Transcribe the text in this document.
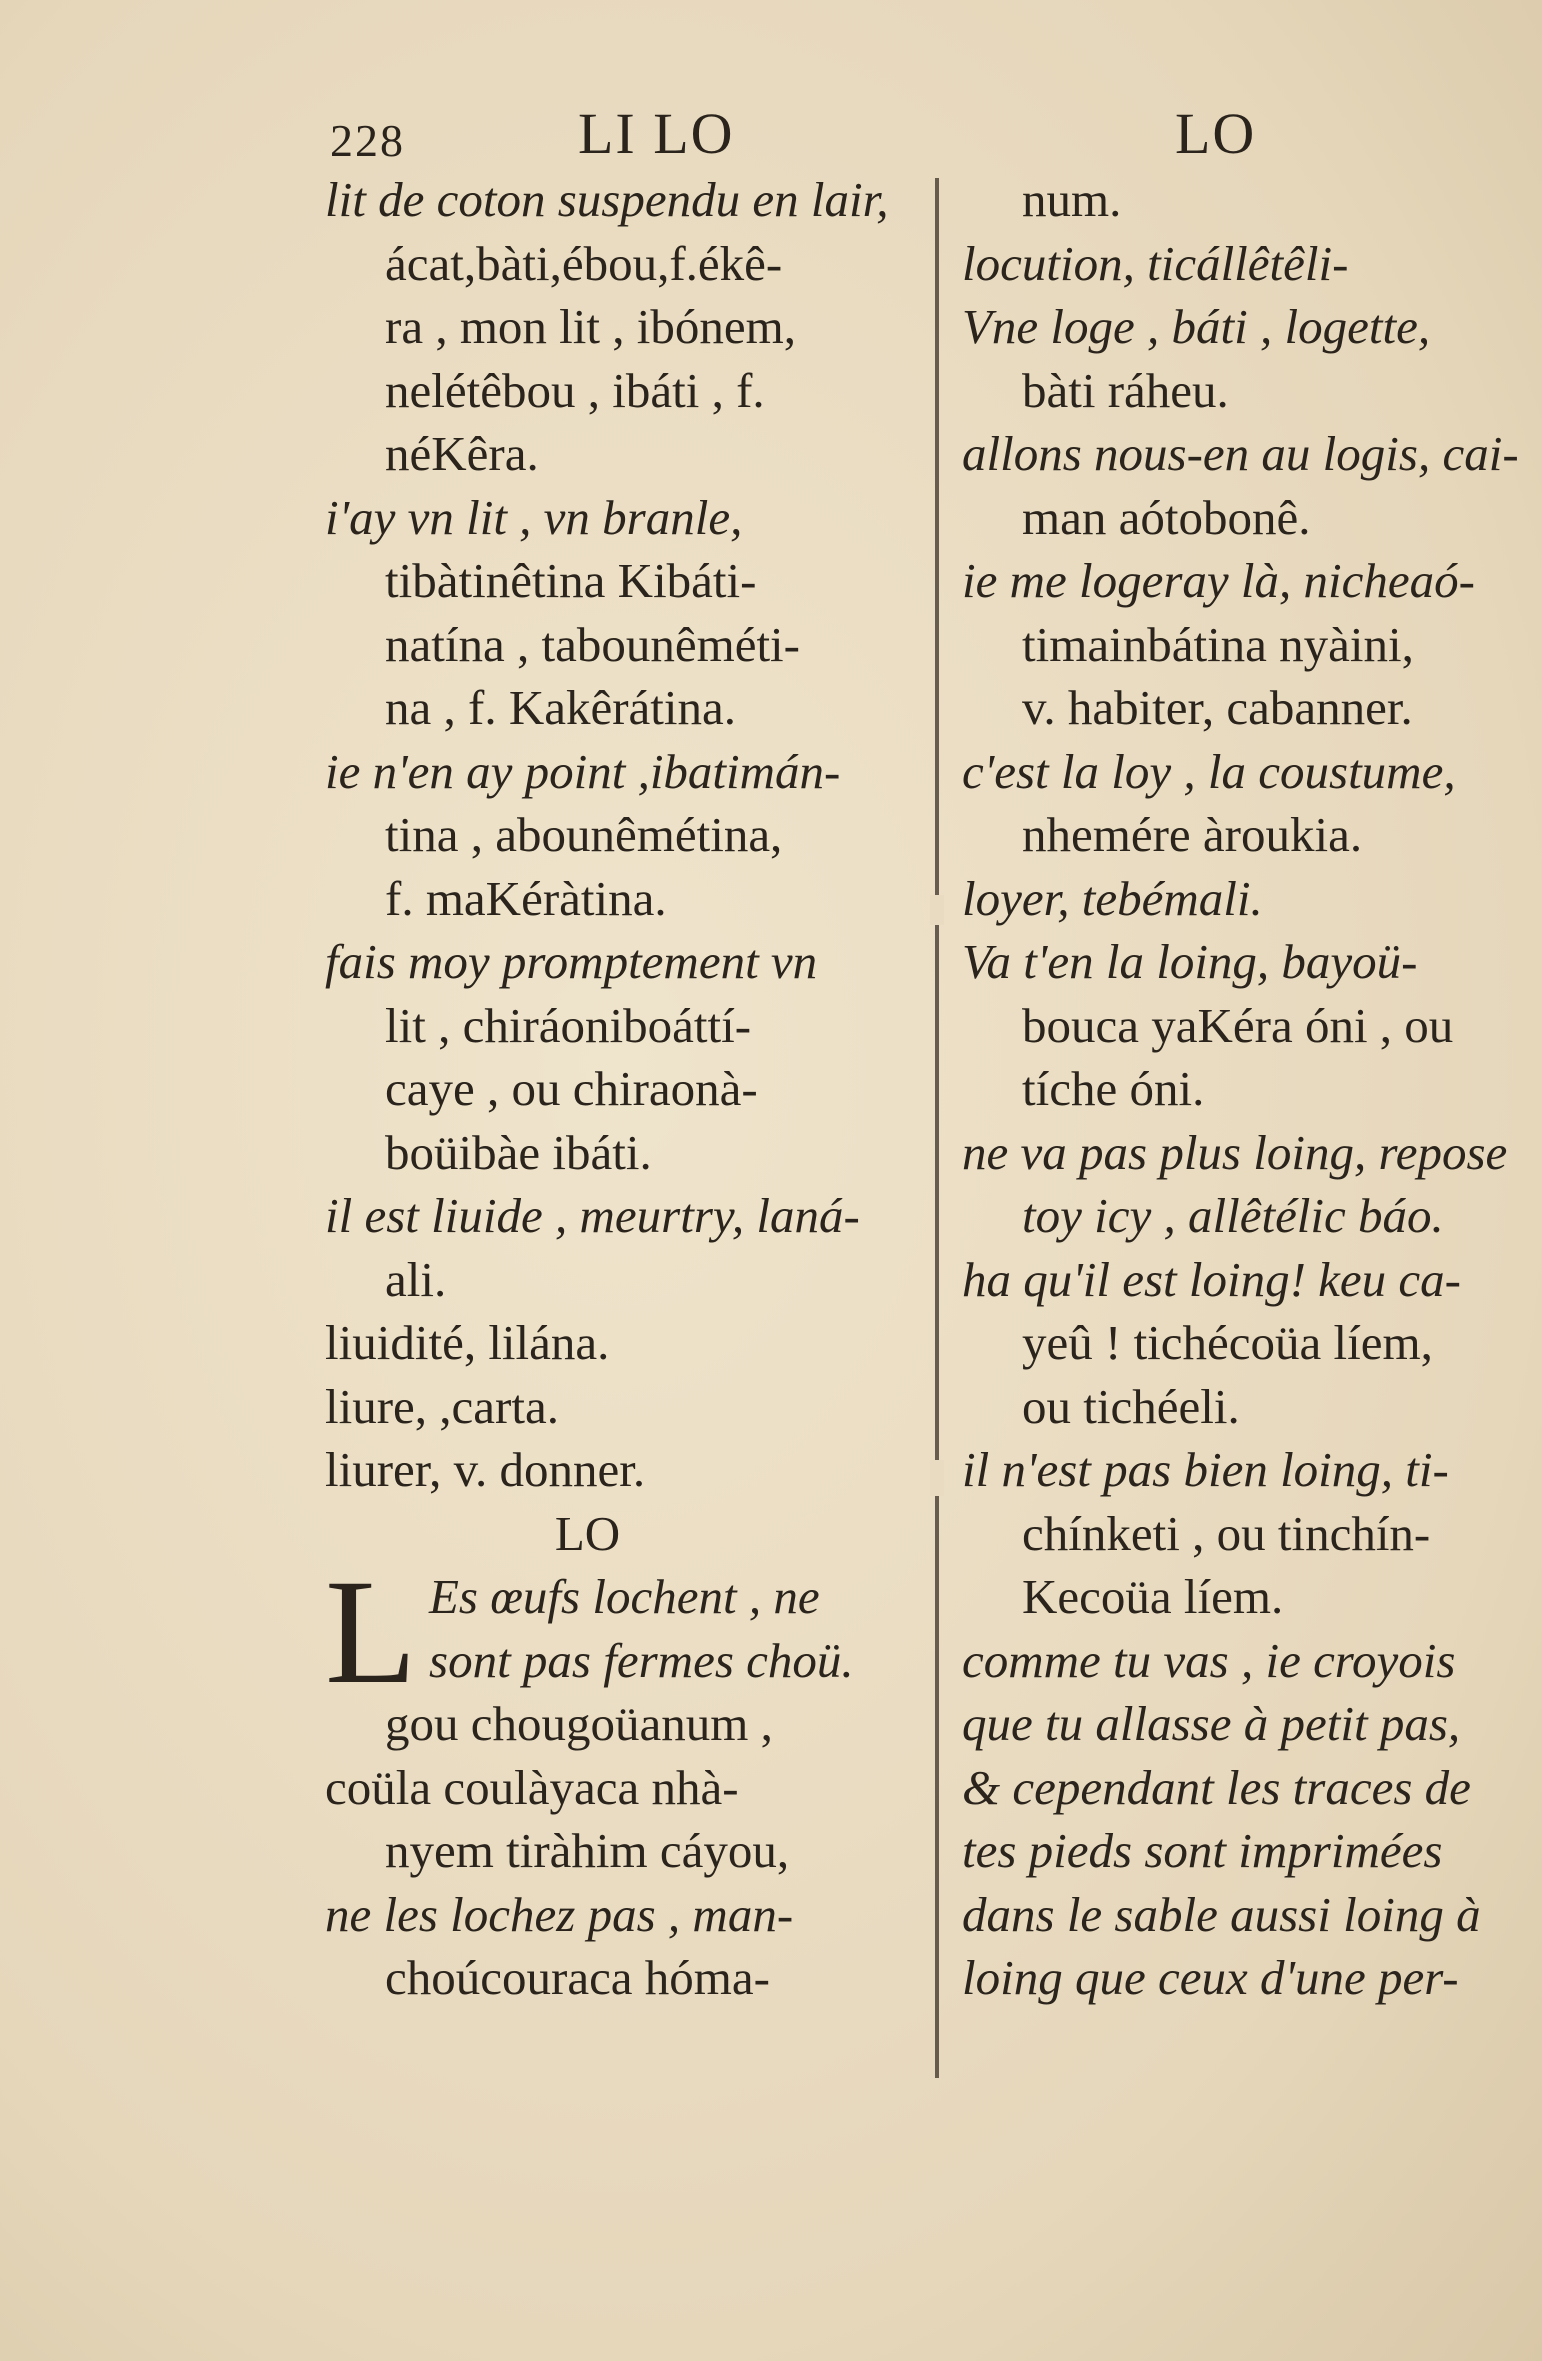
228	LI LO	LO
lit de coton suspendu en lair,
ácat,bàti,ébou,f.ékê-
ra , mon lit , ibónem,
nelétêbou , ibáti , f.
néKêra.
i'ay vn lit , vn branle,
tibàtinêtina Kibáti-
natína , tabounêméti-
na , f. Kakêrátina.
ie n'en ay point ,ibatimán-
tina , abounêmétina,
f. maKéràtina.
fais moy promptement vn
lit , chiráoniboáttí-
caye , ou chiraonà-
boüibàe ibáti.
il est liuide , meurtry, laná-
ali.
liuidité, lilána.
liure, ,carta.
liurer, v. donner.
LO
L Es œufs lochent , ne
sont pas fermes choü.
gou chougoüanum ,
coüla coulàyaca nhà-
nyem tiràhim cáyou,
ne les lochez pas , man-
choúcouraca hóma-
num.
locution, ticállêtêli-
Vne loge , báti , logette,
bàti ráheu.
allons nous-en au logis, cai-
man aótobonê.
ie me logeray là, nicheaó-
timainbátina nyàini,
v. habiter, cabanner.
c'est la loy , la coustume,
nhemére àroukia.
loyer, tebémali.
Va t'en la loing, bayoü-
bouca yaKéra óni , ou
tíche óni.
ne va pas plus loing, repose
toy icy , allêtélic báo.
ha qu'il est loing! keu ca-
yeû ! tichécoüa líem,
ou tichéeli.
il n'est pas bien loing, ti-
chínketi , ou tinchín-
Kecoüa líem.
comme tu vas , ie croyois
que tu allasse à petit pas,
& cependant les traces de
tes pieds sont imprimées
dans le sable aussi loing à
loing que ceux d'une per-
